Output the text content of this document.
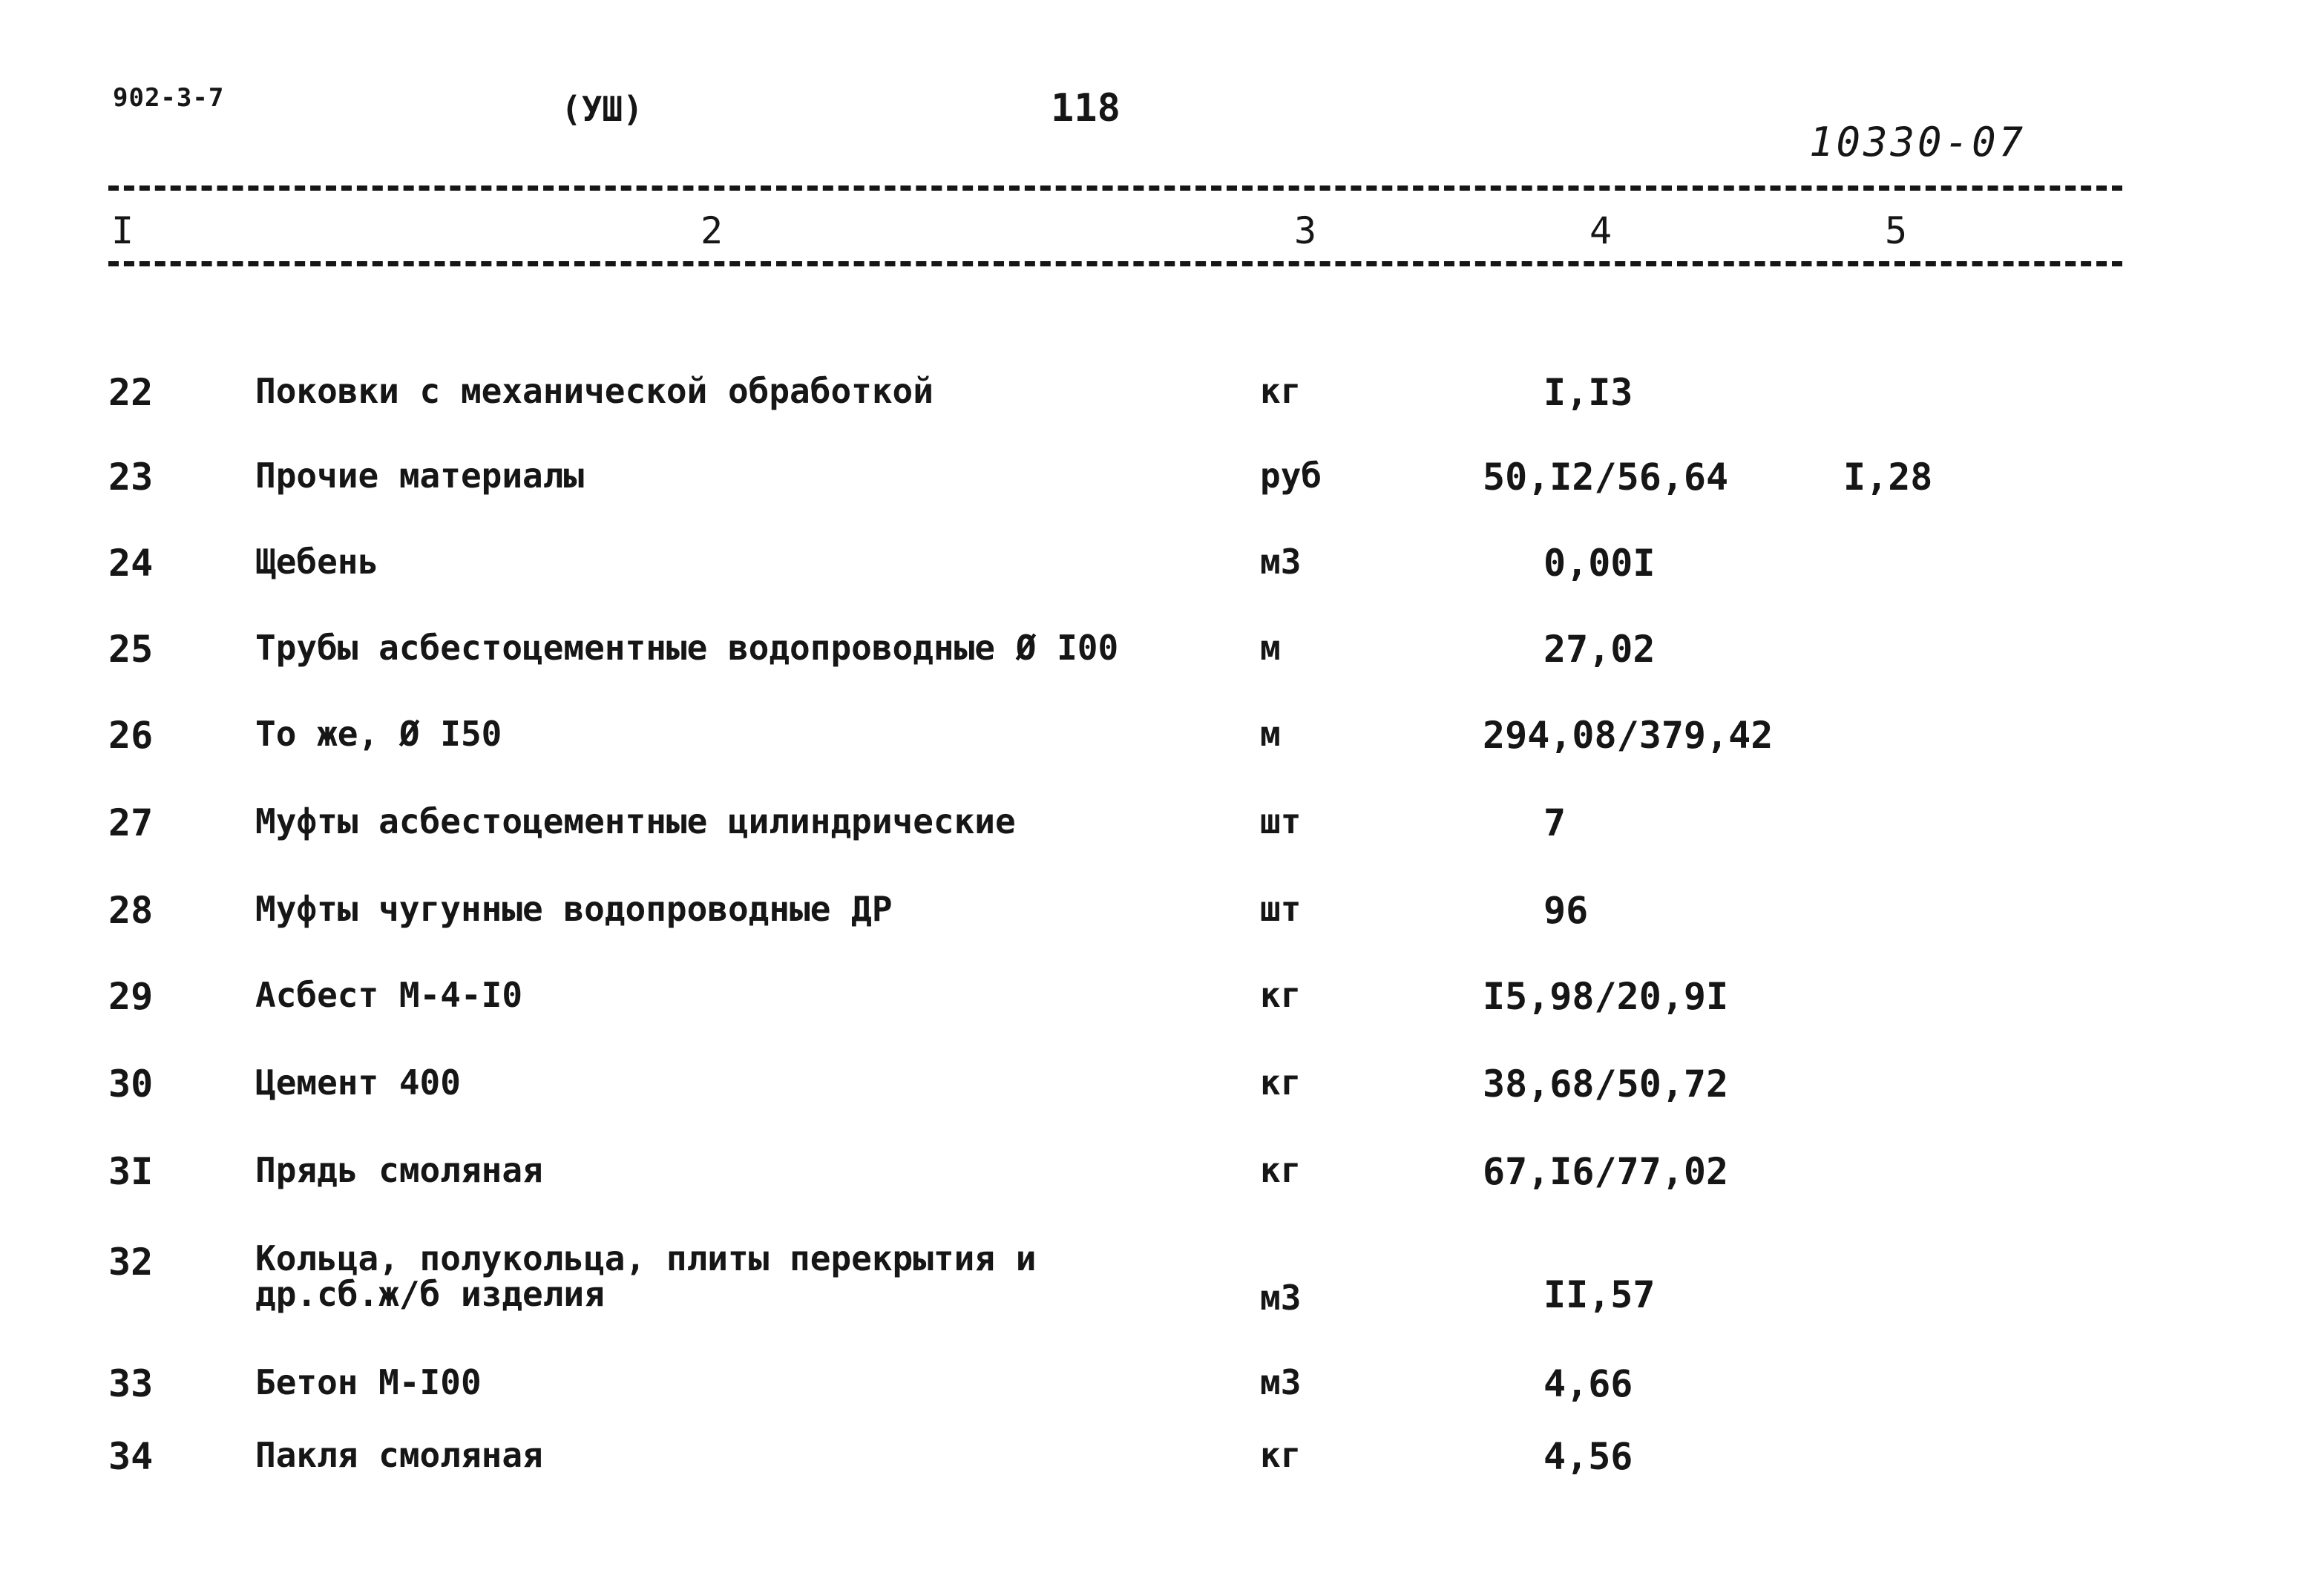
902-3-7	(УШ)	118
10330-07
I	2	3	4	5
22	Поковки с механической обработкой	кг	I,I3
23	Прочие материалы	руб	50,I2/56,64	I,28
24	Щебень	м3	0,00I
25	Трубы асбестоцементные водопроводные Ø I00	м	27,02
26	То же, Ø I50	м	294,08/379,42
27	Муфты асбестоцементные цилиндрические	шт	7
28	Муфты чугунные водопроводные ДР	шт	96
29	Асбест М-4-I0	кг	I5,98/20,9I
30	Цемент 400	кг	38,68/50,72
3I	Прядь смоляная	кг	67,I6/77,02
32	Кольца, полукольца, плиты перекрытия и
др.сб.ж/б изделия	м3	II,57
33	Бетон М-I00	м3	4,66
34	Пакля смоляная	кг	4,56
